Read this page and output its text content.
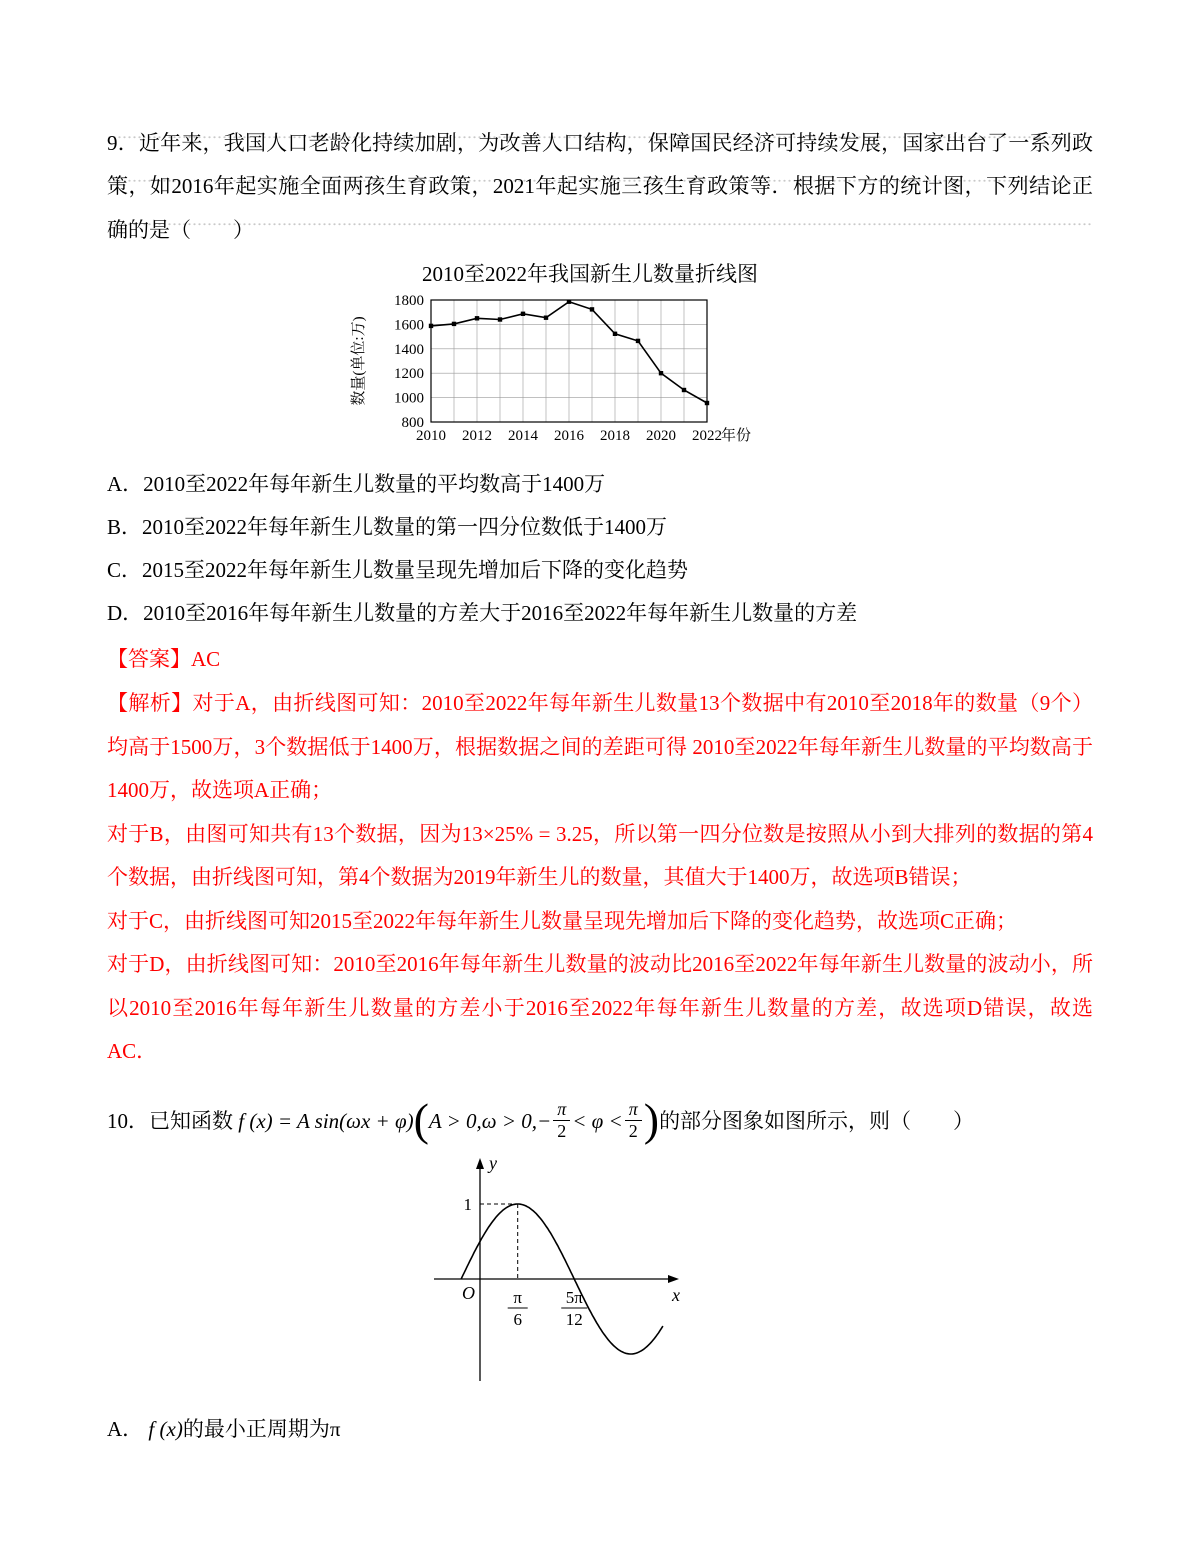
9．近年来，我国人口老龄化持续加剧，为改善人口结构，保障国民经济可持续发展，国家出台了一系列政策，如2016年起实施全面两孩生育政策，2021年起实施三孩生育政策等．根据下方的统计图，下列结论正确的是（　　）

2010至2022年我国新生儿数量折线图
800
1000
1200
1400
1600
1800
2010 2012 2014 2016 2018 2020 2022 年份
数量(单位:万)

A．2010至2022年每年新生儿数量的平均数高于1400万

B．2010至2022年每年新生儿数量的第一四分位数低于1400万

C．2015至2022年每年新生儿数量呈现先增加后下降的变化趋势

D．2010至2016年每年新生儿数量的方差大于2016至2022年每年新生儿数量的方差

【答案】AC

【解析】对于A，由折线图可知：2010至2022年每年新生儿数量13个数据中有2010至2018年的数量（9个）均高于1500万，3个数据低于1400万，根据数据之间的差距可得 2010至2022年每年新生儿数量的平均数高于1400万，故选项A正确；

对于B，由图可知共有13个数据，因为13×25% = 3.25，所以第一四分位数是按照从小到大排列的数据的第4个数据，由折线图可知，第4个数据为2019年新生儿的数量，其值大于1400万，故选项B错误；

对于C，由折线图可知2015至2022年每年新生儿数量呈现先增加后下降的变化趋势，故选项C正确；

对于D，由折线图可知：2010至2016年每年新生儿数量的波动比2016至2022年每年新生儿数量的波动小，所以2010至2016年每年新生儿数量的方差小于2016至2022年每年新生儿数量的方差，故选项D错误，故选AC．

10．已知函数 f (x) = A $\sin(\omega x + \varphi)(A > 0,\omega > 0,- \frac{\pi}{2} < \varphi < \frac{\pi}{2}$ )的部分图象如图所示，则（　　）

y
x
O
1
π
6
5π
12

A． f (x)的最小正周期为π
